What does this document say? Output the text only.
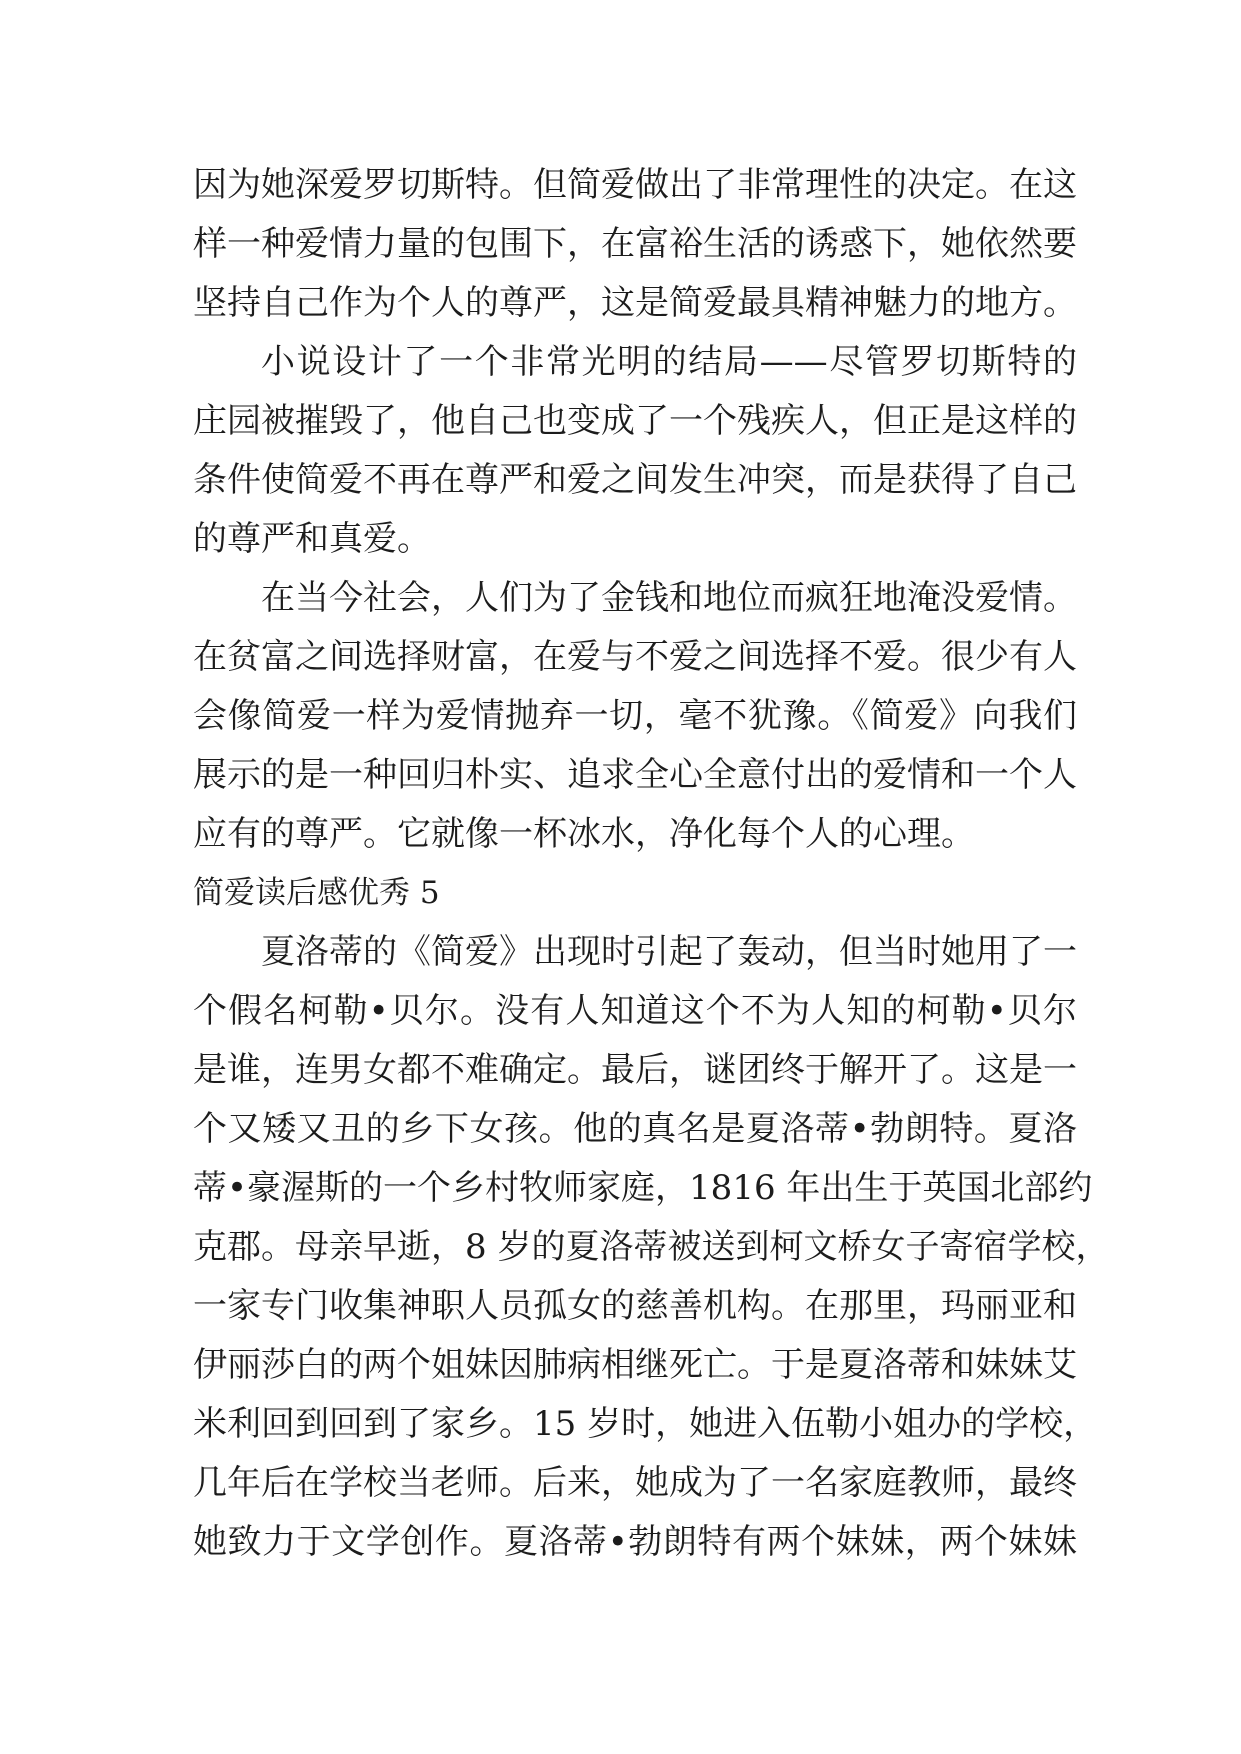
因为她深爱罗切斯特。但简爱做出了非常理性的决定。在这
样一种爱情力量的包围下，在富裕生活的诱惑下，她依然要
坚持自己作为个人的尊严，这是简爱最具精神魅力的地方。

小说设计了一个非常光明的结局——尽管罗切斯特的
庄园被摧毁了，他自己也变成了一个残疾人，但正是这样的
条件使简爱不再在尊严和爱之间发生冲突，而是获得了自己
的尊严和真爱。

在当今社会，人们为了金钱和地位而疯狂地淹没爱情。
在贫富之间选择财富，在爱与不爱之间选择不爱。很少有人
会像简爱一样为爱情抛弃一切，毫不犹豫。《简爱》向我们
展示的是一种回归朴实、追求全心全意付出的爱情和一个人
应有的尊严。它就像一杯冰水，净化每个人的心理。

简爱读后感优秀 5

夏洛蒂的《简爱》出现时引起了轰动，但当时她用了一
个假名柯勒•贝尔。没有人知道这个不为人知的柯勒•贝尔
是谁，连男女都不难确定。最后，谜团终于解开了。这是一
个又矮又丑的乡下女孩。他的真名是夏洛蒂•勃朗特。夏洛
蒂•豪渥斯的一个乡村牧师家庭，1816 年出生于英国北部约
克郡。母亲早逝，8 岁的夏洛蒂被送到柯文桥女子寄宿学校，
一家专门收集神职人员孤女的慈善机构。在那里，玛丽亚和
伊丽莎白的两个姐妹因肺病相继死亡。于是夏洛蒂和妹妹艾
米利回到回到了家乡。15 岁时，她进入伍勒小姐办的学校，
几年后在学校当老师。后来，她成为了一名家庭教师，最终
她致力于文学创作。夏洛蒂•勃朗特有两个妹妹，两个妹妹
